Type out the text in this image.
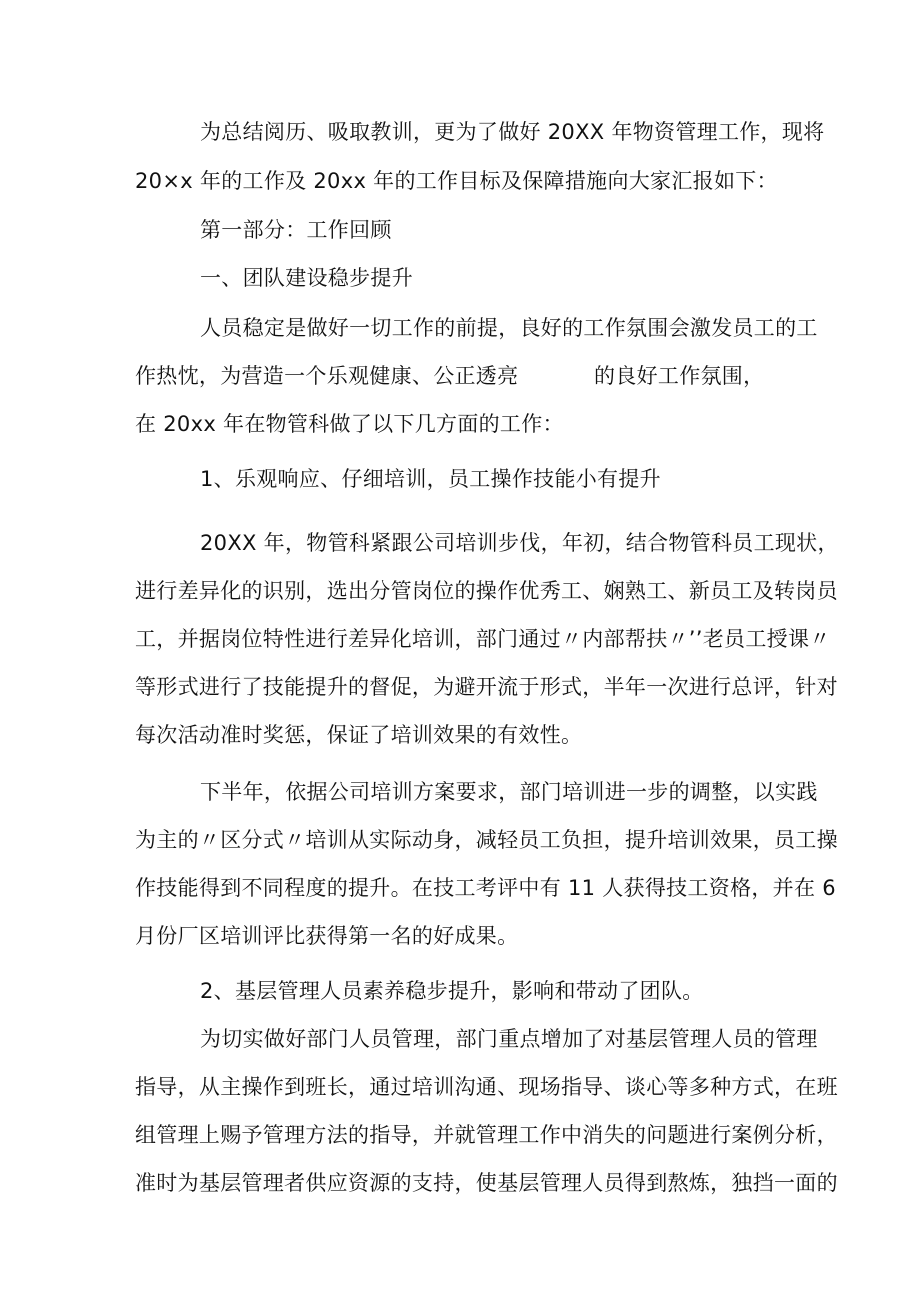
为总结阅历、吸取教训，更为了做好 20XX 年物资管理工作，现将
20×x 年的工作及 20xx 年的工作目标及保障措施向大家汇报如下：
第一部分：工作回顾
一、团队建设稳步提升
人员稳定是做好一切工作的前提，良好的工作氛围会激发员工的工
作热忱，为营造一个乐观健康、公正透亮	的良好工作氛围，
在 20xx 年在物管科做了以下几方面的工作：
1、乐观响应、仔细培训，员工操作技能小有提升
20XX 年，物管科紧跟公司培训步伐，年初，结合物管科员工现状，
进行差异化的识别，选出分管岗位的操作优秀工、娴熟工、新员工及转岗员
工，并据岗位特性进行差异化培训，部门通过〃内部帮扶〃’’老员工授课〃
等形式进行了技能提升的督促，为避开流于形式，半年一次进行总评，针对
每次活动准时奖惩，保证了培训效果的有效性。
下半年，依据公司培训方案要求，部门培训进一步的调整，以实践
为主的〃区分式〃培训从实际动身，减轻员工负担，提升培训效果，员工操
作技能得到不同程度的提升。在技工考评中有 11 人获得技工资格，并在 6
月份厂区培训评比获得第一名的好成果。
2、基层管理人员素养稳步提升，影响和带动了团队。
为切实做好部门人员管理，部门重点增加了对基层管理人员的管理
指导，从主操作到班长，通过培训沟通、现场指导、谈心等多种方式，在班
组管理上赐予管理方法的指导，并就管理工作中消失的问题进行案例分析，
准时为基层管理者供应资源的支持，使基层管理人员得到熬炼，独挡一面的
